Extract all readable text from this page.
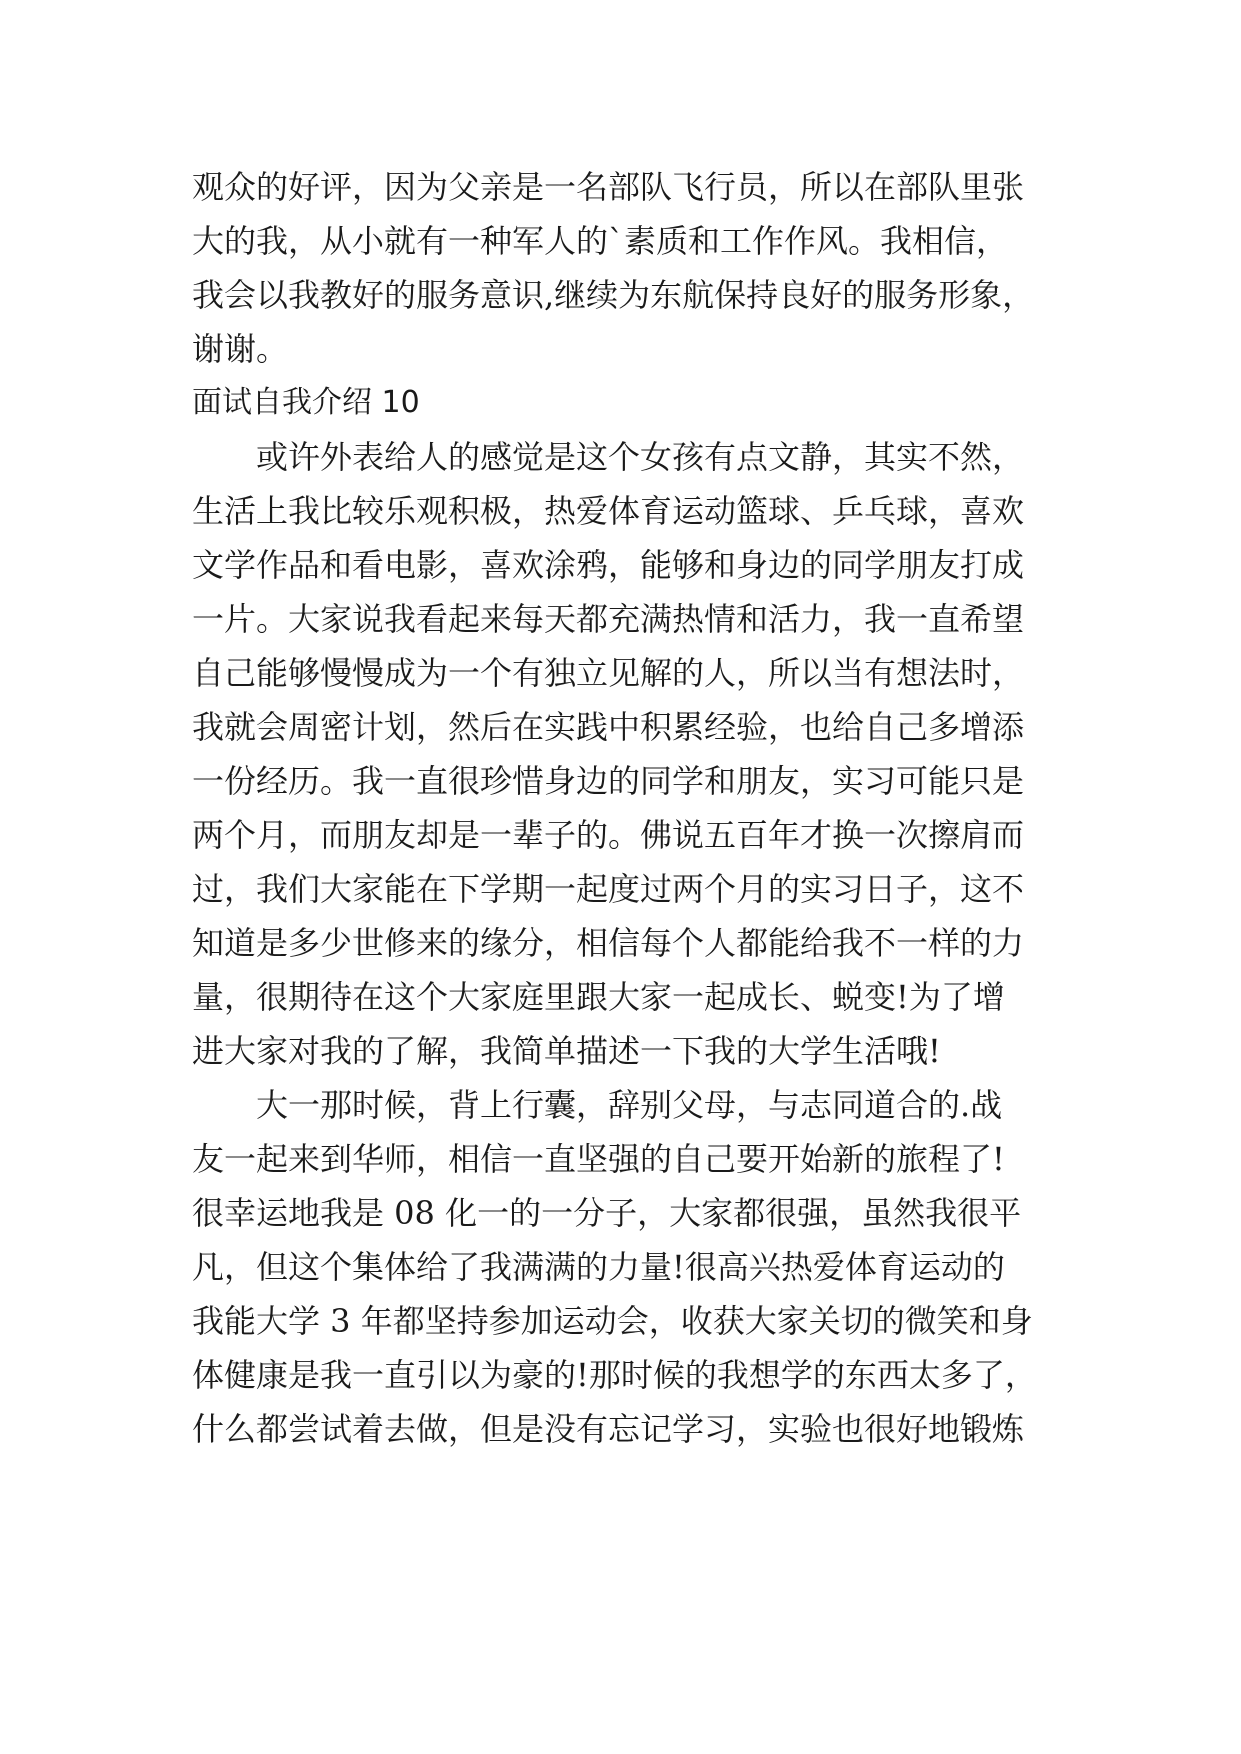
观众的好评，因为父亲是一名部队飞行员，所以在部队里张
大的我，从小就有一种军人的`素质和工作作风。我相信，
我会以我教好的服务意识,继续为东航保持良好的服务形象，
谢谢。
面试自我介绍 10
　　或许外表给人的感觉是这个女孩有点文静，其实不然，
生活上我比较乐观积极，热爱体育运动篮球、乒乓球，喜欢
文学作品和看电影，喜欢涂鸦，能够和身边的同学朋友打成
一片。大家说我看起来每天都充满热情和活力，我一直希望
自己能够慢慢成为一个有独立见解的人，所以当有想法时，
我就会周密计划，然后在实践中积累经验，也给自己多增添
一份经历。我一直很珍惜身边的同学和朋友，实习可能只是
两个月，而朋友却是一辈子的。佛说五百年才换一次擦肩而
过，我们大家能在下学期一起度过两个月的实习日子，这不
知道是多少世修来的缘分，相信每个人都能给我不一样的力
量，很期待在这个大家庭里跟大家一起成长、蜕变!为了增
进大家对我的了解，我简单描述一下我的大学生活哦!
　　大一那时候，背上行囊，辞别父母，与志同道合的.战
友一起来到华师，相信一直坚强的自己要开始新的旅程了!
很幸运地我是 08 化一的一分子，大家都很强，虽然我很平
凡，但这个集体给了我满满的力量!很高兴热爱体育运动的
我能大学 3 年都坚持参加运动会，收获大家关切的微笑和身
体健康是我一直引以为豪的!那时候的我想学的东西太多了，
什么都尝试着去做，但是没有忘记学习，实验也很好地锻炼
